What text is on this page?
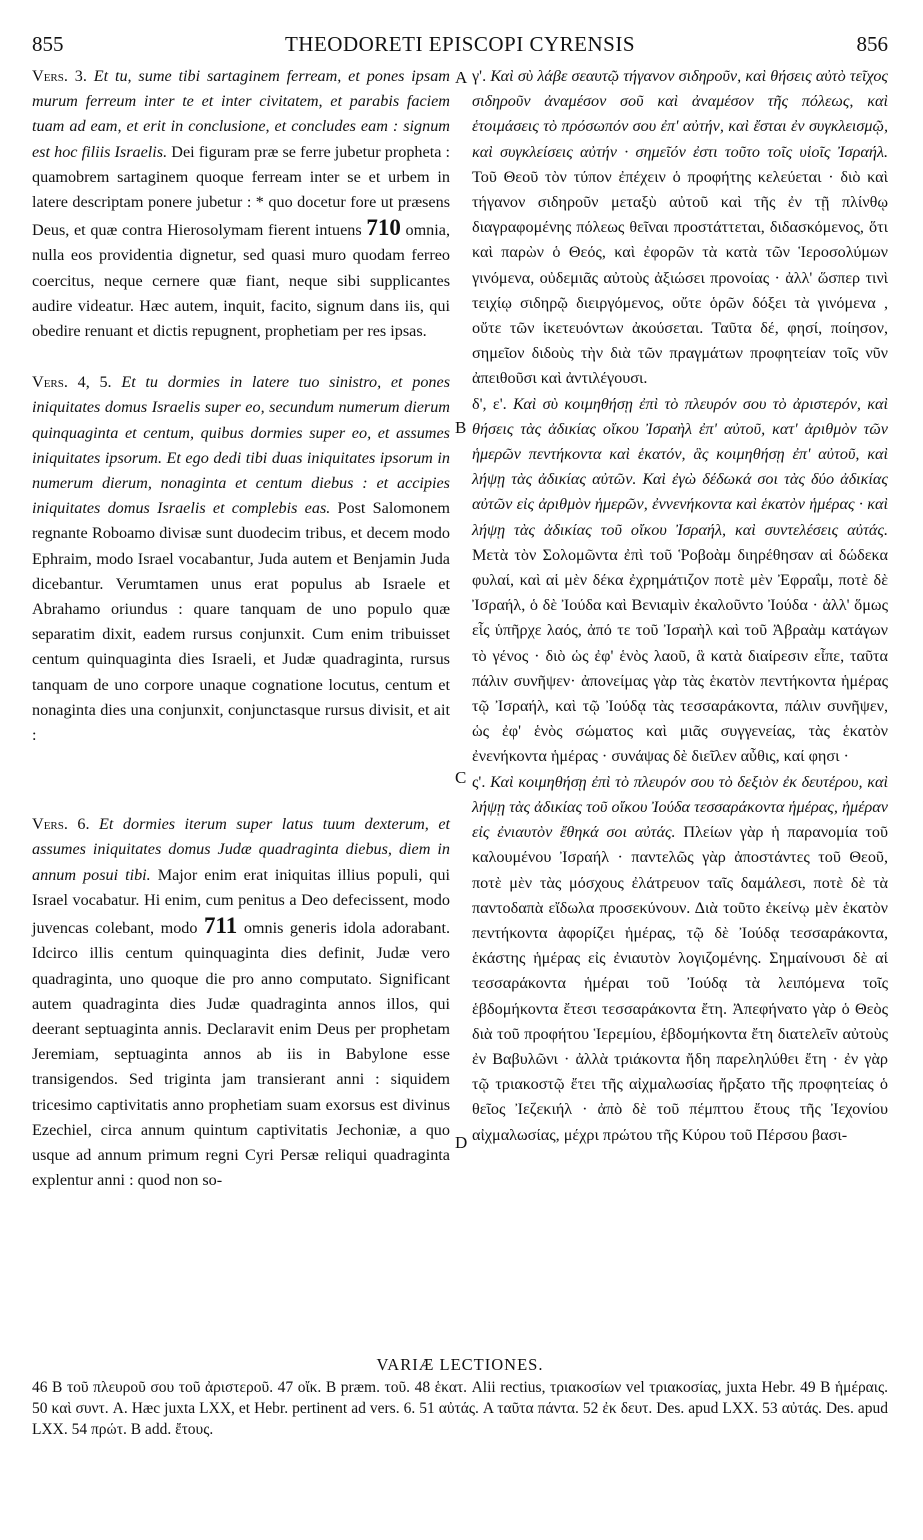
855	THEODORETI EPISCOPI CYRENSIS	856

Vers. 3. Et tu, sume tibi sartaginem ferream, et pones ipsam murum ferreum inter te et inter civitatem, et parabis faciem tuam ad eam, et erit in conclusione, et concludes eam : signum est hoc filiis Israelis. Dei figuram præ se ferre jubetur propheta : quamobrem sartaginem quoque ferream inter se et urbem in latere descriptam ponere jubetur : * quo docetur fore ut præsens Deus, et quæ contra Hierosolymam fierent intuens 710 omnia, nulla eos providentia dignetur, sed quasi muro quodam ferreo coercitus, neque cernere quæ fiant, neque sibi supplicantes audire videatur. Hæc autem, inquit, facito, signum dans iis, qui obedire renuant et dictis repugnent, prophetiam per res ipsas.

Vers. 4, 5. Et tu dormies in latere tuo sinistro, et pones iniquitates domus Israelis super eo, secundum numerum dierum quinquaginta et centum, quibus dormies super eo, et assumes iniquitates ipsorum. Et ego dedi tibi duas iniquitates ipsorum in numerum dierum, nonaginta et centum diebus : et accipies iniquitates domus Israelis et complebis eas. Post Salomonem regnante Roboamo divisæ sunt duodecim tribus, et decem modo Ephraim, modo Israel vocabantur, Juda autem et Benjamin Juda dicebantur. Verumtamen unus erat populus ab Israele et Abrahamo oriundus : quare tanquam de uno populo quæ separatim dixit, eadem rursus conjunxit. Cum enim tribuisset centum quinquaginta dies Israeli, et Judæ quadraginta, rursus tanquam de uno corpore unaque cognatione locutus, centum et nonaginta dies una conjunxit, conjunctasque rursus divisit, et ait :

Vers. 6. Et dormies iterum super latus tuum dexterum, et assumes iniquitates domus Judæ quadraginta diebus, diem in annum posui tibi. Major enim erat iniquitas illius populi, qui Israel vocabatur. Hi enim, cum penitus a Deo defecissent, modo juvencas colebant, modo 711 omnis generis idola adorabant. Idcirco illis centum quinquaginta dies definit, Judæ vero quadraginta, uno quoque die pro anno computato. Significant autem quadraginta dies Judæ quadraginta annos illos, qui deerant septuaginta annis. Declaravit enim Deus per prophetam Jeremiam, septuaginta annos ab iis in Babylone esse transigendos. Sed triginta jam transierant anni : siquidem tricesimo captivitatis anno prophetiam suam exorsus est divinus Ezechiel, circa annum quintum captivitatis Jechoniæ, a quo usque ad annum primum regni Cyri Persæ reliqui quadraginta explentur anni : quod non so-

A
B
C
D

γ'. Καὶ σὺ λάβε σεαυτῷ τήγανον σιδηροῦν, καὶ θήσεις αὐτὸ τεῖχος σιδηροῦν ἀναμέσον σοῦ καὶ ἀναμέσον τῆς πόλεως, καὶ ἑτοιμάσεις τὸ πρόσωπόν σου ἐπ' αὐτήν, καὶ ἔσται ἐν συγκλεισμῷ, καὶ συγκλείσεις αὐτήν · σημεῖόν ἐστι τοῦτο τοῖς υἱοῖς Ἰσραήλ. Τοῦ Θεοῦ τὸν τύπον ἐπέχειν ὁ προφήτης κελεύεται · διὸ καὶ τήγανον σιδηροῦν μεταξὺ αὐτοῦ καὶ τῆς ἐν τῇ πλίνθῳ διαγραφομένης πόλεως θεῖναι προστάττεται, διδασκόμενος, ὅτι καὶ παρὼν ὁ Θεός, καὶ ἐφορῶν τὰ κατὰ τῶν Ἱεροσολύμων γινόμενα, οὐδεμιᾶς αὐτοὺς ἀξιώσει προνοίας · ἀλλ' ὥσπερ τινὶ τειχίῳ σιδηρῷ διειργόμενος, οὔτε ὁρῶν δόξει τὰ γινόμενα , οὔτε τῶν ἱκετευόντων ἀκούσεται. Ταῦτα δέ, φησί, ποίησον, σημεῖον διδοὺς τὴν διὰ τῶν πραγμάτων προφητείαν τοῖς νῦν ἀπειθοῦσι καὶ ἀντιλέγουσι.

δ', ε'. Καὶ σὺ κοιμηθήσῃ ἐπὶ τὸ πλευρόν σου τὸ ἀριστερόν, καὶ θήσεις τὰς ἀδικίας οἴκου Ἰσραὴλ ἐπ' αὐτοῦ, κατ' ἀριθμὸν τῶν ἡμερῶν πεντήκοντα καὶ ἑκατόν, ἃς κοιμηθήσῃ ἐπ' αὐτοῦ, καὶ λήψῃ τὰς ἀδικίας αὐτῶν. Καὶ ἐγὼ δέδωκά σοι τὰς δύο ἀδικίας αὐτῶν εἰς ἀριθμὸν ἡμερῶν, ἐννενήκοντα καὶ ἑκατὸν ἡμέρας · καὶ λήψῃ τὰς ἀδικίας τοῦ οἴκου Ἰσραήλ, καὶ συντελέσεις αὐτάς. Μετὰ τὸν Σολομῶντα ἐπὶ τοῦ Ῥοβοὰμ διηρέθησαν αἱ δώδεκα φυλαί, καὶ αἱ μὲν δέκα ἐχρημάτιζον ποτὲ μὲν Ἐφραΐμ, ποτὲ δὲ Ἰσραήλ, ὁ δὲ Ἰούδα καὶ Βενιαμὶν ἐκαλοῦντο Ἰούδα · ἀλλ' ὅμως εἷς ὑπῆρχε λαός, ἀπό τε τοῦ Ἰσραὴλ καὶ τοῦ Ἀβραὰμ κατάγων τὸ γένος · διὸ ὡς ἐφ' ἑνὸς λαοῦ, ἃ κατὰ διαίρεσιν εἶπε, ταῦτα πάλιν συνῆψεν· ἀπονείμας γὰρ τὰς ἑκατὸν πεντήκοντα ἡμέρας τῷ Ἰσραήλ, καὶ τῷ Ἰούδᾳ τὰς τεσσαράκοντα, πάλιν συνῆψεν, ὡς ἐφ' ἑνὸς σώματος καὶ μιᾶς συγγενείας, τὰς ἑκατὸν ἐνενήκοντα ἡμέρας · συνάψας δὲ διεῖλεν αὖθις, καί φησι ·

ς'. Καὶ κοιμηθήσῃ ἐπὶ τὸ πλευρόν σου τὸ δεξιὸν ἐκ δευτέρου, καὶ λήψῃ τὰς ἀδικίας τοῦ οἴκου Ἰούδα τεσσαράκοντα ἡμέρας, ἡμέραν εἰς ἐνιαυτὸν ἔθηκά σοι αὐτάς. Πλείων γὰρ ἡ παρανομία τοῦ καλουμένου Ἰσραήλ · παντελῶς γὰρ ἀποστάντες τοῦ Θεοῦ, ποτὲ μὲν τὰς μόσχους ἐλάτρευον ταῖς δαμάλεσι, ποτὲ δὲ τὰ παντοδαπὰ εἴδωλα προσεκύνουν. Διὰ τοῦτο ἐκείνῳ μὲν ἑκατὸν πεντήκοντα ἀφορίζει ἡμέρας, τῷ δὲ Ἰούδᾳ τεσσαράκοντα, ἑκάστης ἡμέρας εἰς ἐνιαυτὸν λογιζομένης. Σημαίνουσι δὲ αἱ τεσσαράκοντα ἡμέραι τοῦ Ἰούδᾳ τὰ λειπόμενα τοῖς ἑβδομήκοντα ἔτεσι τεσσαράκοντα ἔτη. Ἀπεφήνατο γὰρ ὁ Θεὸς διὰ τοῦ προφήτου Ἱερεμίου, ἑβδομήκοντα ἔτη διατελεῖν αὐτοὺς ἐν Βαβυλῶνι · ἀλλὰ τριάκοντα ἤδη παρεληλύθει ἔτη · ἐν γὰρ τῷ τριακοστῷ ἔτει τῆς αἰχμαλωσίας ἤρξατο τῆς προφητείας ὁ θεῖος Ἰεζεκιήλ · ἀπὸ δὲ τοῦ πέμπτου ἔτους τῆς Ἰεχονίου αἰχμαλωσίας, μέχρι πρώτου τῆς Κύρου τοῦ Πέρσου βασι-

VARIÆ LECTIONES.
46 B τοῦ πλευροῦ σου τοῦ ἀριστεροῦ. 47 οἴκ. B præm. τοῦ. 48 ἑκατ. Alii rectius, τριακοσίων vel τριακοσίας, juxta Hebr. 49 B ἡμέραις. 50 καὶ συντ. A. Hæc juxta LXX, et Hebr. pertinent ad vers. 6. 51 αὐτάς. A ταῦτα πάντα. 52 ἐκ δευτ. Des. apud LXX. 53 αὐτάς. Des. apud LXX. 54 πρώτ. B add. ἔτους.
